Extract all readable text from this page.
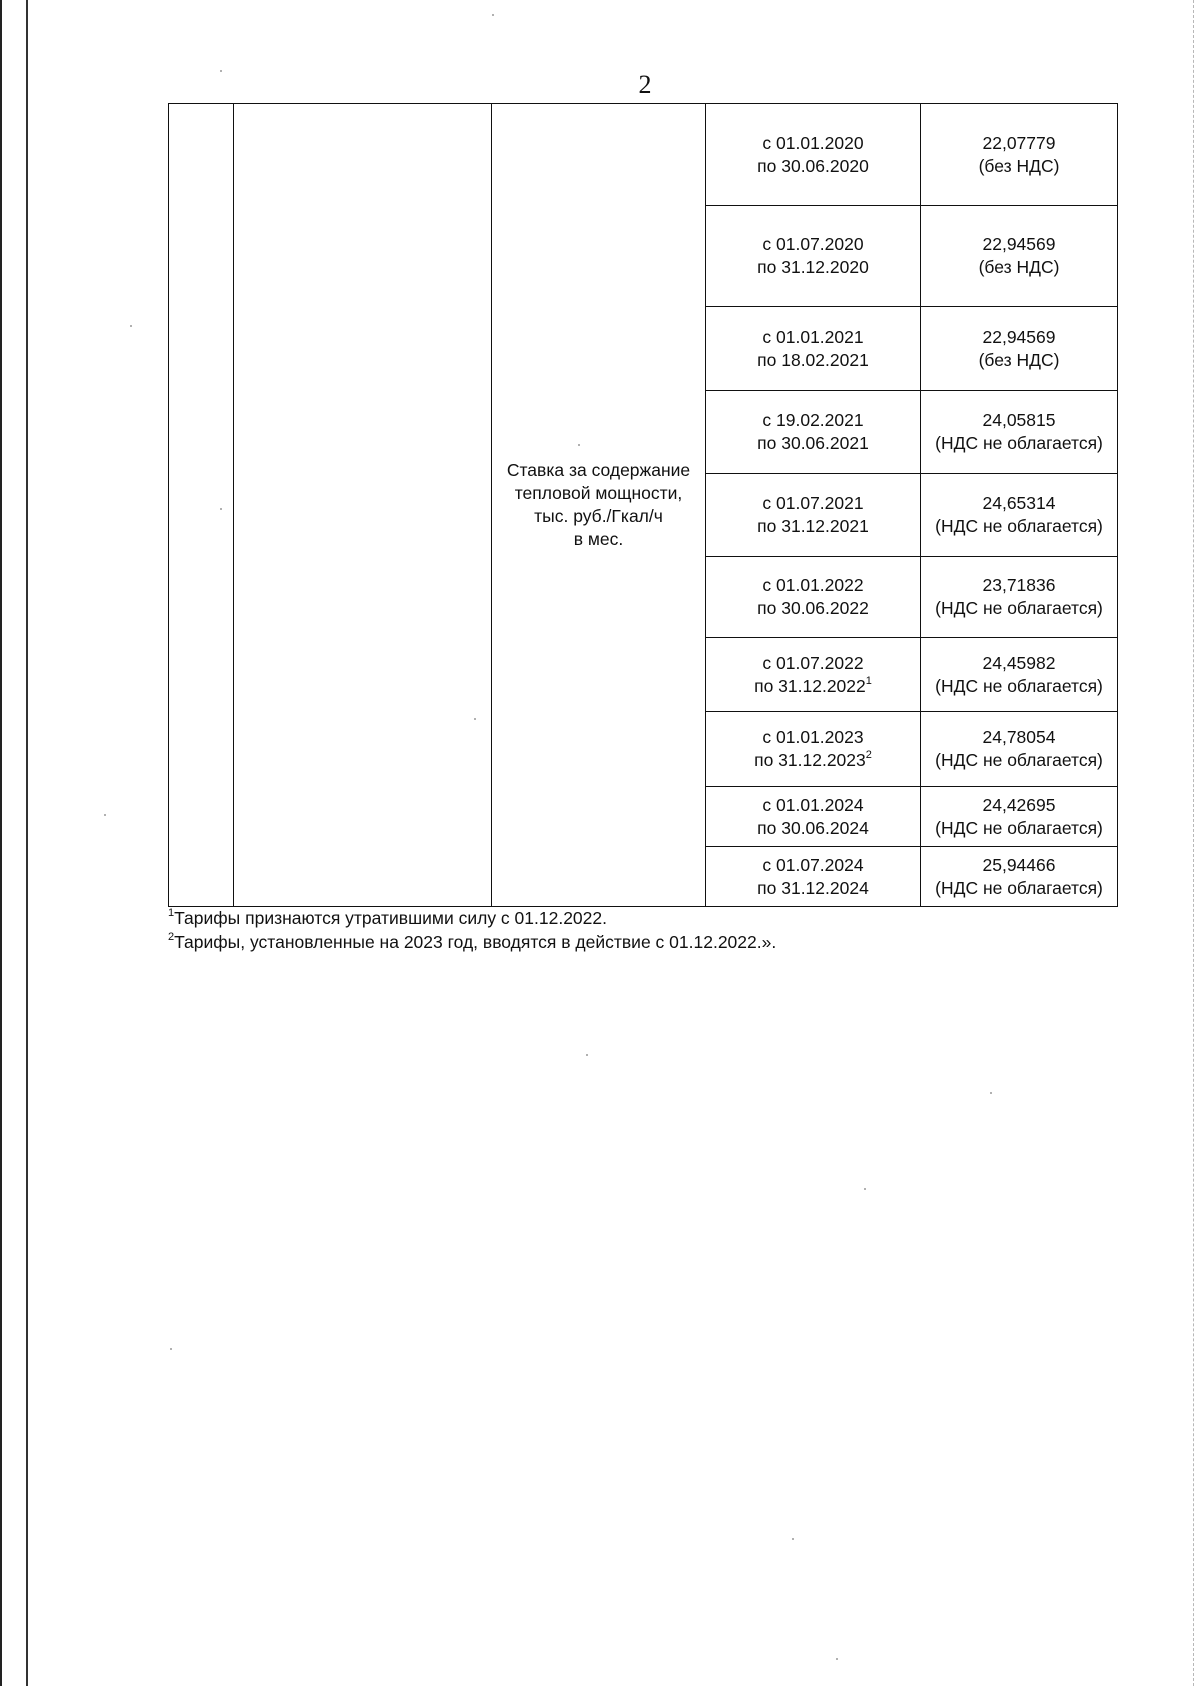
2

		Ставка за содержание
тепловой мощности,
тыс. руб./Гкал/ч
в мес.	с 01.01.2020
по 30.06.2020	22,07779
(без НДС)

			с 01.07.2020
по 31.12.2020	22,94569
(без НДС)

			с 01.01.2021
по 18.02.2021	22,94569
(без НДС)

			с 19.02.2021
по 30.06.2021	24,05815
(НДС не облагается)

			с 01.07.2021
по 31.12.2021	24,65314
(НДС не облагается)

			с 01.01.2022
по 30.06.2022	23,71836
(НДС не облагается)

			с 01.07.2022
по 31.12.2022$^1$	24,45982
(НДС не облагается)

			с 01.01.2023
по 31.12.2023$^2$	24,78054
(НДС не облагается)

			с 01.01.2024
по 30.06.2024	24,42695
(НДС не облагается)

			с 01.07.2024
по 31.12.2024	25,94466
(НДС не облагается)
$^1$Тарифы признаются утратившими силу с 01.12.2022.
$^2$Тарифы, установленные на 2023 год, вводятся в действие с 01.12.2022.».
